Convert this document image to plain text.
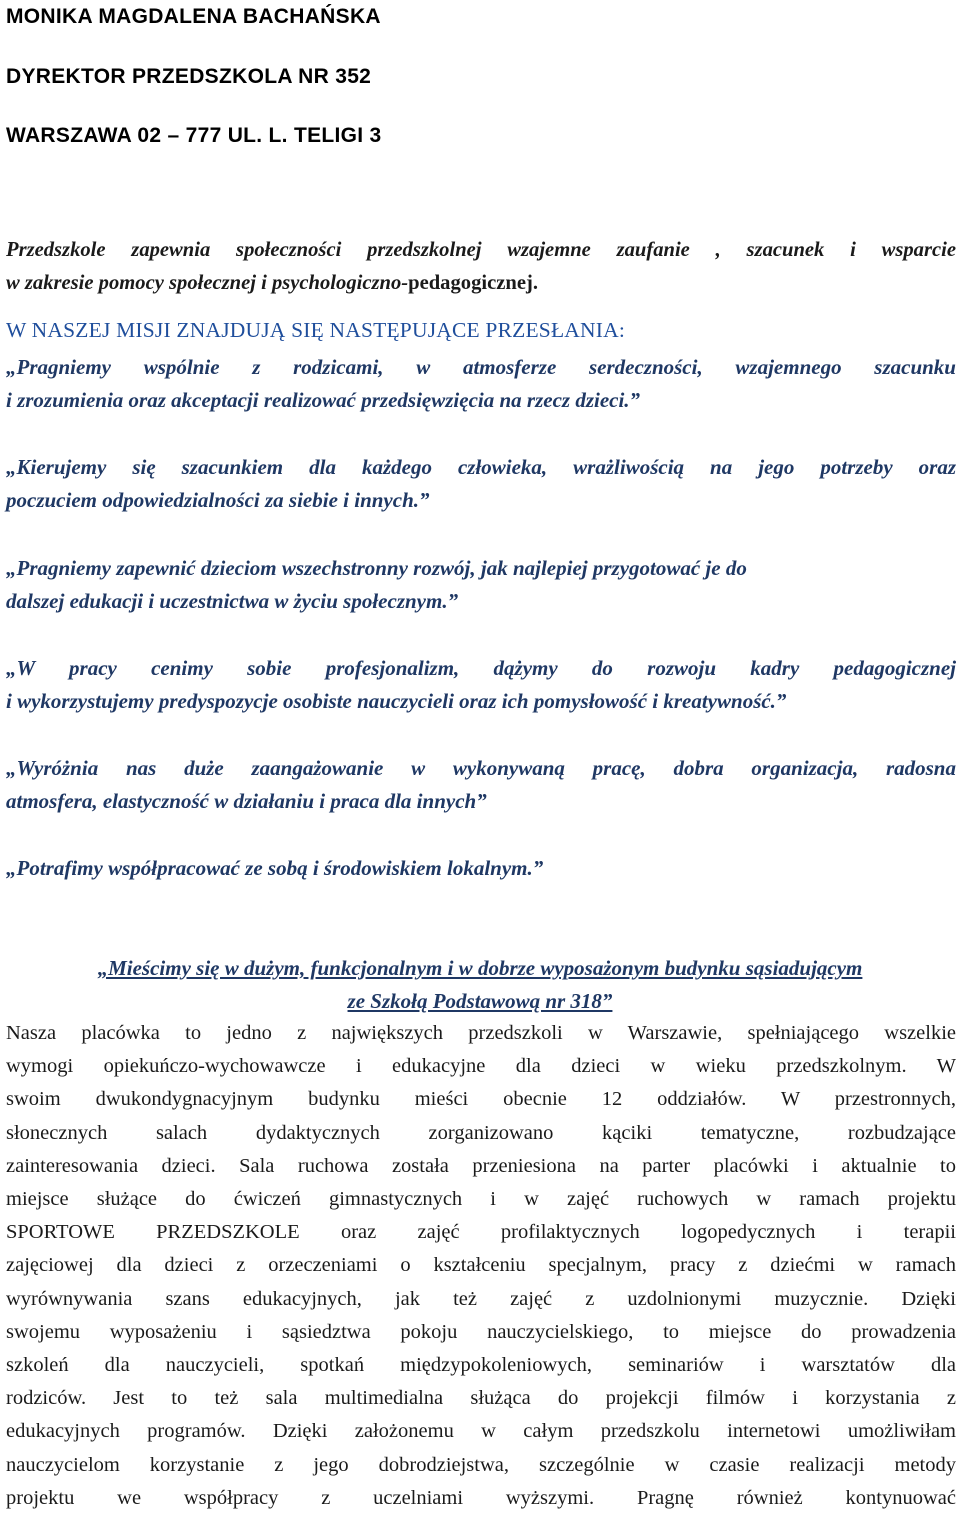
MONIKA MAGDALENA BACHAŃSKA
DYREKTOR PRZEDSZKOLA NR 352
WARSZAWA 02 – 777 UL. L. TELIGI 3
Przedszkole zapewnia społeczności przedszkolnej wzajemne zaufanie , szacunek i wsparcie
w zakresie pomocy społecznej i psychologiczno-pedagogicznej.
W NASZEJ MISJI ZNAJDUJĄ SIĘ NASTĘPUJĄCE PRZESŁANIA:
„Pragniemy wspólnie z rodzicami, w atmosferze serdeczności, wzajemnego szacunku
i zrozumienia oraz akceptacji realizować przedsięwzięcia na rzecz dzieci.”
„Kierujemy się szacunkiem dla każdego człowieka, wrażliwością na jego potrzeby oraz
poczuciem odpowiedzialności za siebie i innych.”
„Pragniemy zapewnić dzieciom wszechstronny rozwój, jak najlepiej przygotować je do
dalszej edukacji i uczestnictwa w życiu społecznym.”
„W pracy cenimy sobie profesjonalizm, dążymy do rozwoju kadry pedagogicznej
i wykorzystujemy predyspozycje osobiste nauczycieli oraz ich pomysłowość i kreatywność.”
„Wyróżnia nas duże zaangażowanie w wykonywaną pracę, dobra organizacja, radosna
atmosfera, elastyczność w działaniu i praca dla innych”
„Potrafimy współpracować ze sobą i środowiskiem lokalnym.”
„Mieścimy się w dużym, funkcjonalnym i w dobrze wyposażonym budynku sąsiadującym
ze Szkołą Podstawową nr 318”
Nasza placówka to jedno z największych przedszkoli w Warszawie, spełniającego wszelkie
wymogi opiekuńczo-wychowawcze i edukacyjne dla dzieci w wieku przedszkolnym. W
swoim dwukondygnacyjnym budynku mieści obecnie 12 oddziałów. W przestronnych,
słonecznych salach dydaktycznych zorganizowano kąciki tematyczne, rozbudzające
zainteresowania dzieci. Sala ruchowa została przeniesiona na parter placówki i aktualnie to
miejsce służące do ćwiczeń gimnastycznych i w zajęć ruchowych w ramach projektu
SPORTOWE PRZEDSZKOLE oraz zajęć profilaktycznych logopedycznych i terapii
zajęciowej dla dzieci z orzeczeniami o kształceniu specjalnym, pracy z dziećmi w ramach
wyrównywania szans edukacyjnych, jak też zajęć z uzdolnionymi muzycznie. Dzięki
swojemu wyposażeniu i sąsiedztwa pokoju nauczycielskiego, to miejsce do prowadzenia
szkoleń dla nauczycieli, spotkań międzypokoleniowych, seminariów i warsztatów dla
rodziców. Jest to też sala multimedialna służąca do projekcji filmów i korzystania z
edukacyjnych programów. Dzięki założonemu w całym przedszkolu internetowi umożliwiłam
nauczycielom korzystanie z jego dobrodziejstwa, szczególnie w czasie realizacji metody
projektu we współpracy z uczelniami wyższymi. Pragnę również kontynuować
